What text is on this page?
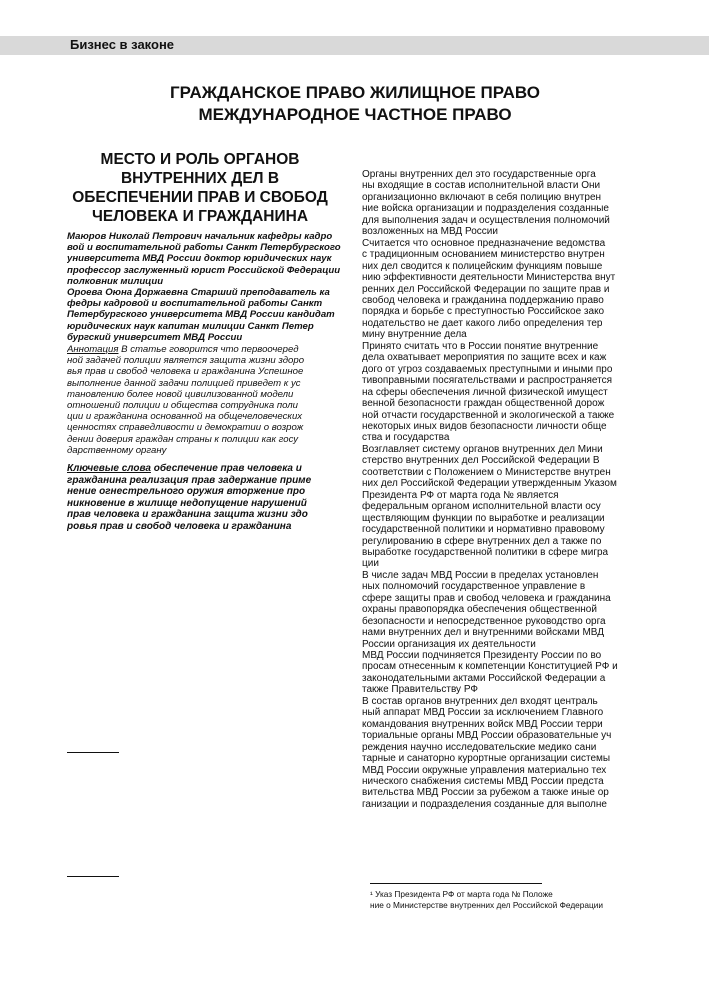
Бизнес в законе
ГРАЖДАНСКОЕ ПРАВО ЖИЛИЩНОЕ ПРАВО
МЕЖДУНАРОДНОЕ ЧАСТНОЕ ПРАВО
МЕСТО И РОЛЬ ОРГАНОВ
ВНУТРЕННИХ ДЕЛ В
ОБЕСПЕЧЕНИИ ПРАВ И СВОБОД
ЧЕЛОВЕКА И ГРАЖДАНИНА
Маюров Николай Петрович начальник кафедры кадро
вой и воспитательной работы Санкт Петербургского
университета МВД России доктор юридических наук
профессор заслуженный юрист Российской Федерации
полковник милиции
Ороева Оюна Доржаевна Старший преподаватель ка
федры кадровой и воспитательной работы Санкт
Петербургского университета МВД России кандидат
юридических наук капитан милиции Санкт Петер
бургский университет МВД России
Аннотация В статье говорится что первоочеред
ной задачей полиции является защита жизни здоро
вья прав и свобод человека и гражданина Успешное
выполнение данной задачи полицией приведет к ус
тановлению более новой цивилизованной модели
отношений полиции и общества сотрудника поли
ции и гражданина основанной на общечеловеческих
ценностях справедливости и демократии о возрож
дении доверия граждан страны к полиции как госу
дарственному органу
Ключевые слова обеспечение прав человека и
гражданина реализация прав задержание приме
нение огнестрельного оружия вторжение про
никновение в жилище недопущение нарушений
прав человека и гражданина защита жизни здо
ровья прав и свобод человека и гражданина
Органы внутренних дел это государственные орга
ны входящие в состав исполнительной власти Они
организационно включают в себя полицию внутрен
ние войска организации и подразделения созданные
для выполнения задач и осуществления полномочий
возложенных на МВД России
Считается что основное предназначение ведомства
с традиционным основанием министерство внутрен
них дел сводится к полицейским функциям повыше
нию эффективности деятельности Министерства внут
ренних дел Российской Федерации по защите прав и
свобод человека и гражданина поддержанию право
порядка и борьбе с преступностью Российское зако
нодательство не дает какого либо определения тер
мину внутренние дела
Принято считать что в России понятие внутренние
дела охватывает мероприятия по защите всех и каж
дого от угроз создаваемых преступными и иными про
тивоправными посягательствами и распространяется
на сферы обеспечения личной физической имущест
венной безопасности граждан общественной дорож
ной отчасти государственной и экологической а также
некоторых иных видов безопасности личности обще
ства и государства
Возглавляет систему органов внутренних дел Мини
стерство внутренних дел Российской Федерации В
соответствии с Положением о Министерстве внутрен
них дел Российской Федерации утвержденным Указом
Президента РФ от марта года № является
федеральным органом исполнительной власти осу
ществляющим функции по выработке и реализации
государственной политики и нормативно правовому
регулированию в сфере внутренних дел а также по
выработке государственной политики в сфере мигра
ции
В числе задач МВД России в пределах установлен
ных полномочий государственное управление в
сфере защиты прав и свобод человека и гражданина
охраны правопорядка обеспечения общественной
безопасности и непосредственное руководство орга
нами внутренних дел и внутренними войсками МВД
России организация их деятельности
МВД России подчиняется Президенту России по во
просам отнесенным к компетенции Конституцией РФ и
законодательными актами Российской Федерации а
также Правительству РФ
В состав органов внутренних дел входят централь
ный аппарат МВД России за исключением Главного
командования внутренних войск МВД России терри
ториальные органы МВД России образовательные уч
реждения научно исследовательские медико сани
тарные и санаторно курортные организации системы
МВД России окружные управления материально тех
нического снабжения системы МВД России предста
вительства МВД России за рубежом а также иные ор
ганизации и подразделения созданные для выполне
¹ Указ Президента РФ от марта года № Положе
ние о Министерстве внутренних дел Российской Федерации
